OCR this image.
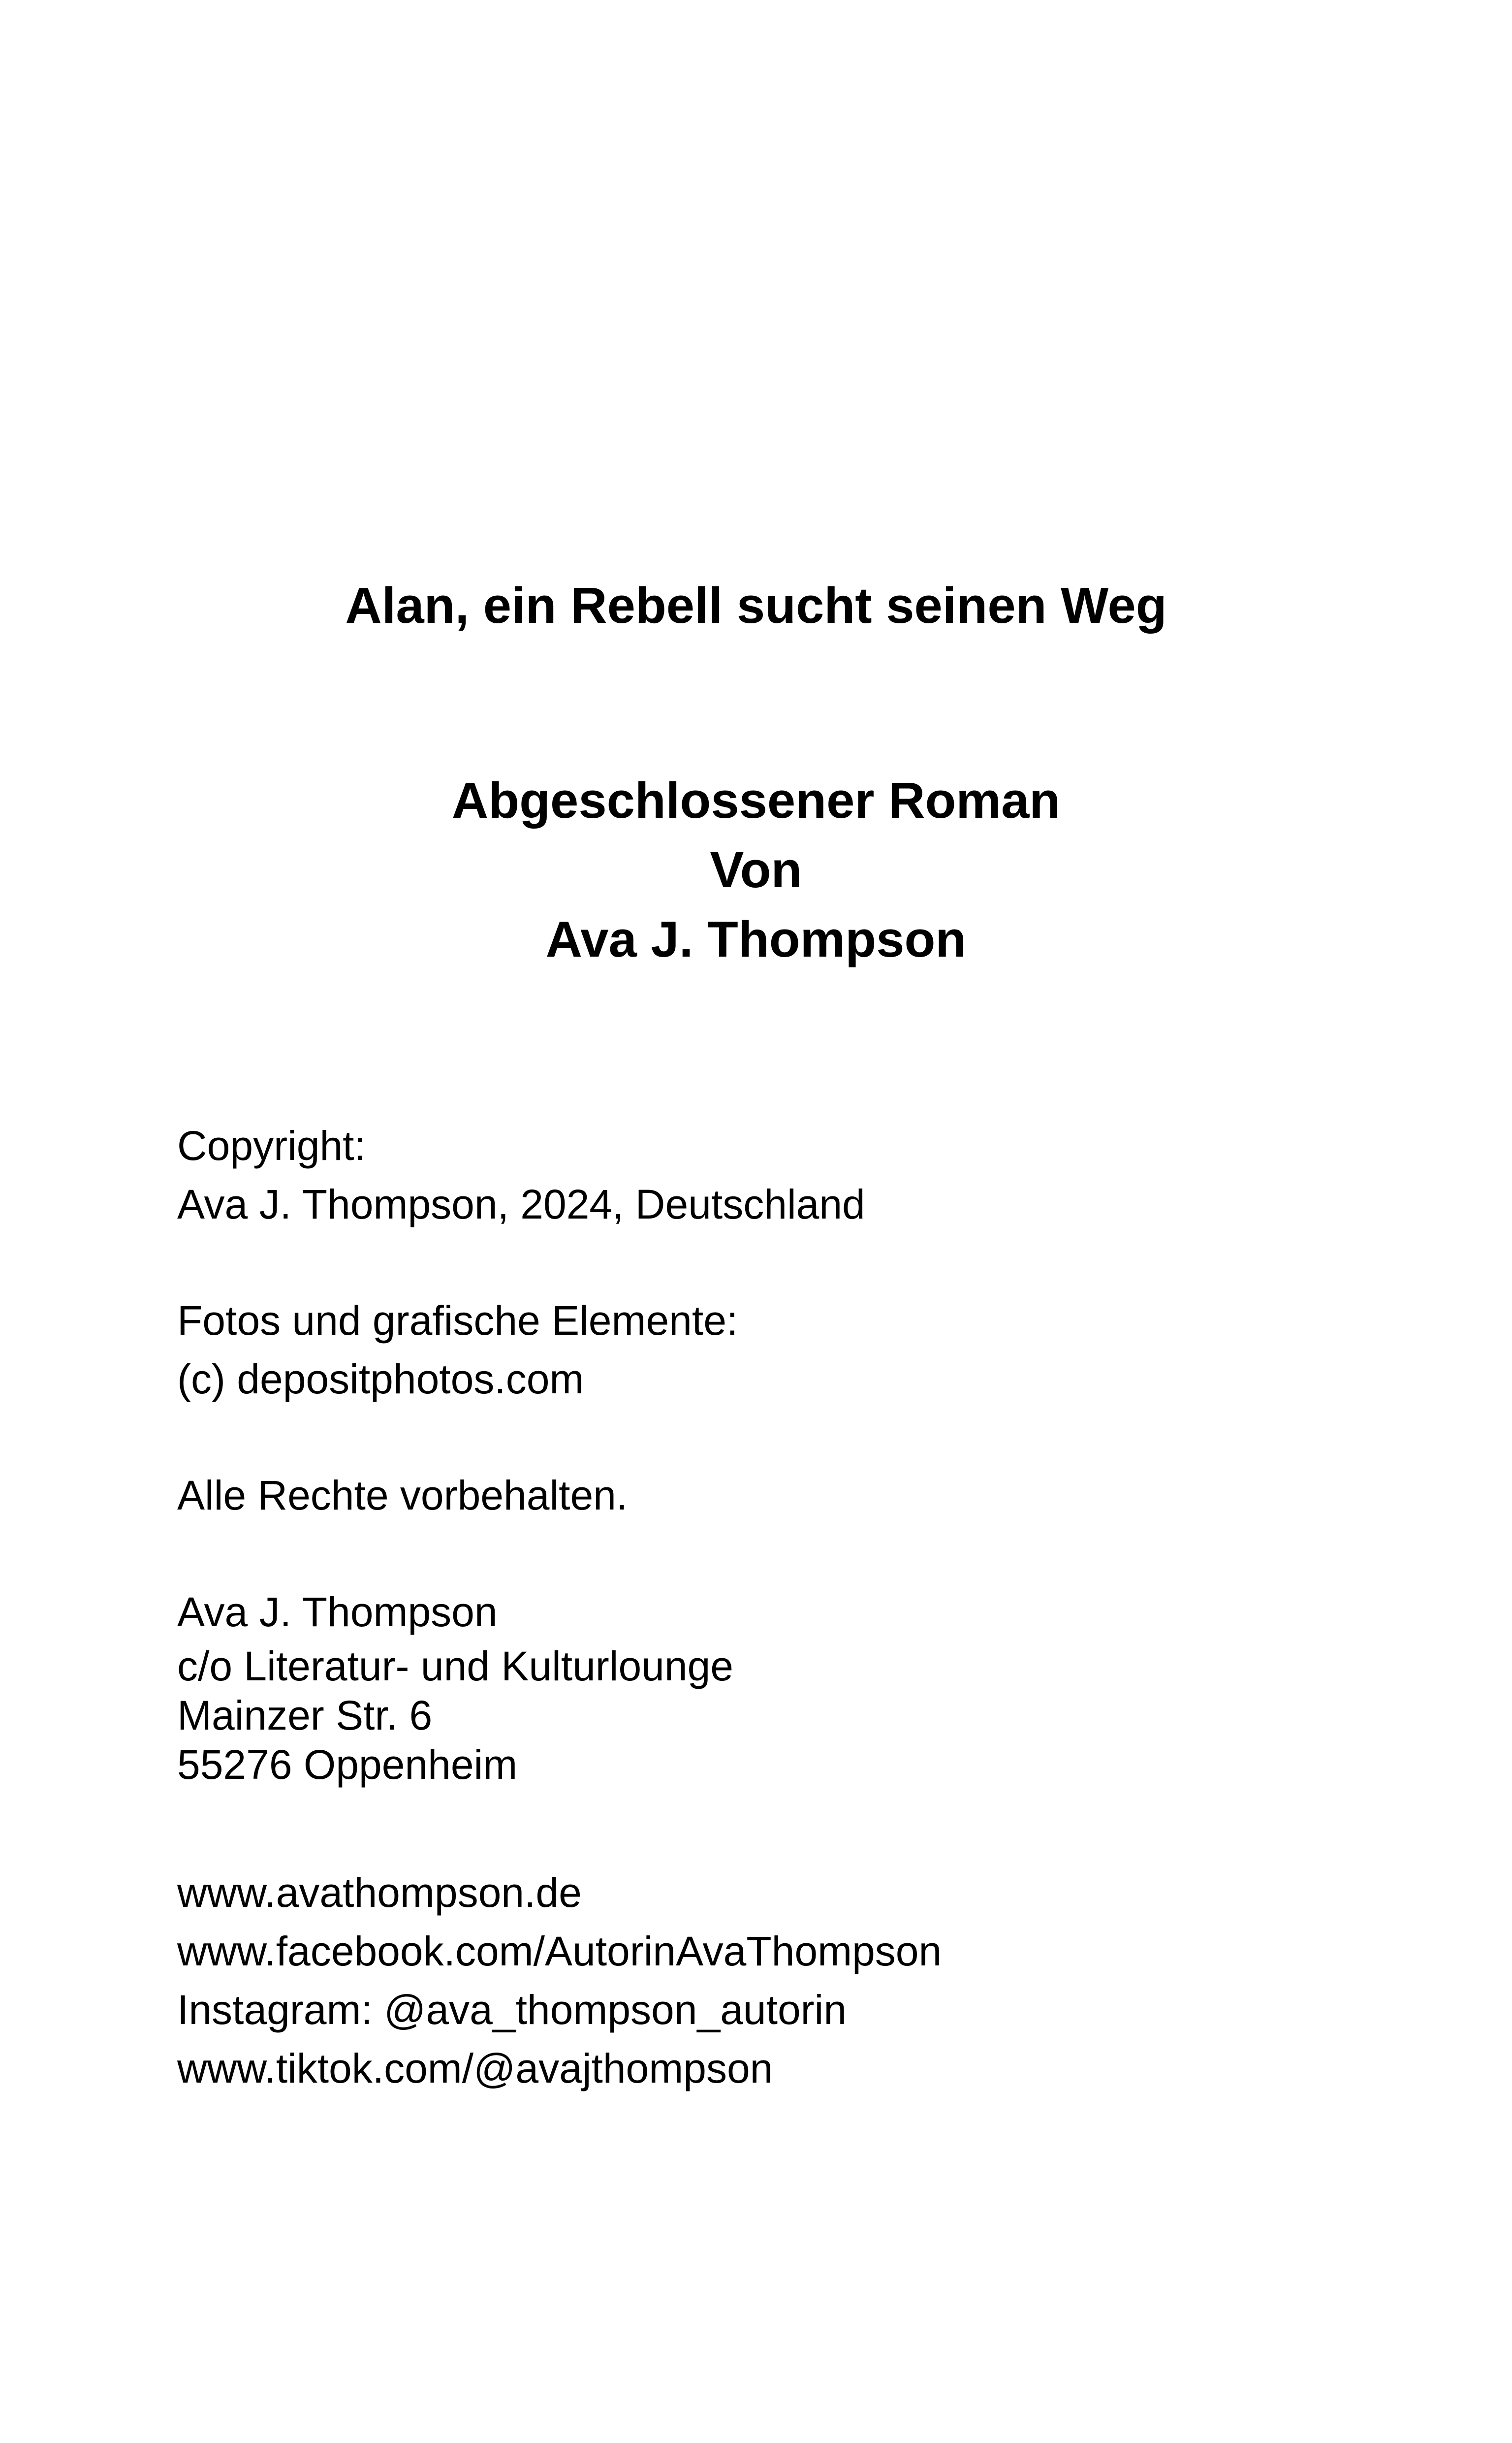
Alan, ein Rebell sucht seinen Weg
Abgeschlossener Roman
Von
Ava J. Thompson
Copyright:
Ava J. Thompson, 2024, Deutschland
Fotos und grafische Elemente:
(c) depositphotos.com
Alle Rechte vorbehalten.
Ava J. Thompson
c/o Literatur- und Kulturlounge
Mainzer Str. 6
55276 Oppenheim
www.avathompson.de
www.facebook.com/AutorinAvaThompson
Instagram: @ava_thompson_autorin
www.tiktok.com/@avajthompson
